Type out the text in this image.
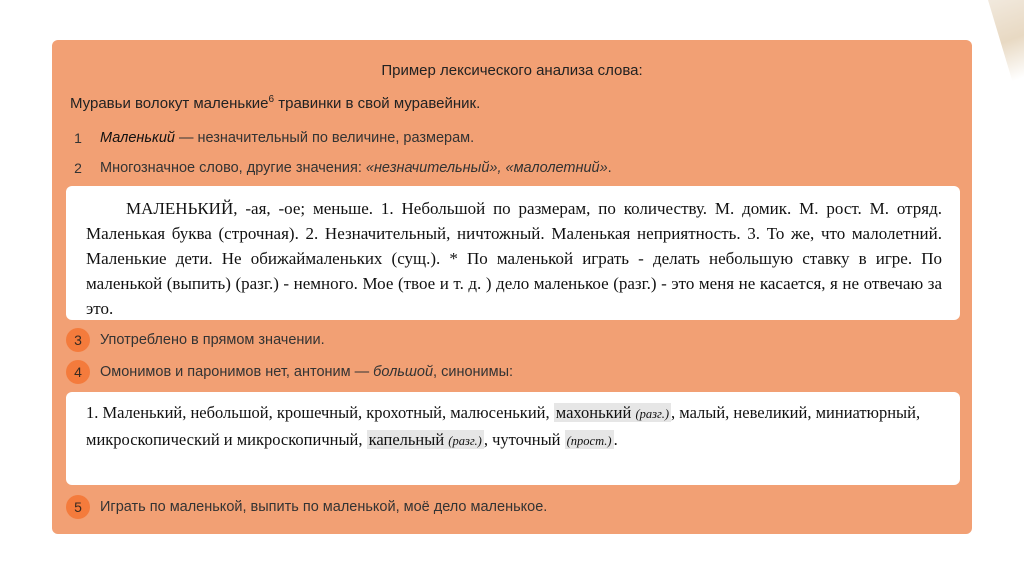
Пример лексического анализа слова:
Муравьи волокут маленькие$^6$ травинки в свой муравейник.
1	Маленький — незначительный по величине, размерам.
2	Многозначное слово, другие значения: «незначительный», «малолетний».
МАЛЕНЬКИЙ, -ая, -ое; меньше. 1. Небольшой по размерам, по количеству. М. домик. М. рост. М. отряд. Маленькая буква (строчная). 2. Незначительный, ничтожный. Маленькая неприятность. 3. То же, что малолетний. Маленькие дети. Не обижаймаленьких (сущ.). * По маленькой играть - делать небольшую ставку в игре. По маленькой (выпить) (разг.) - немного. Мое (твое и т. д. ) дело маленькое (разг.) - это меня не касается, я не отвечаю за это.
3	Употреблено в прямом значении.
4	Омонимов и паронимов нет, антоним — большой, синонимы:
1. Маленький, небольшой, крошечный, крохотный, малюсенький, махонький (разг.) , малый, невеликий, миниатюрный, микроскопический и микроскопичный, капельный (разг.) , чуточный (прост.) .
5	Играть по маленькой, выпить по маленькой, моё дело маленькое.
